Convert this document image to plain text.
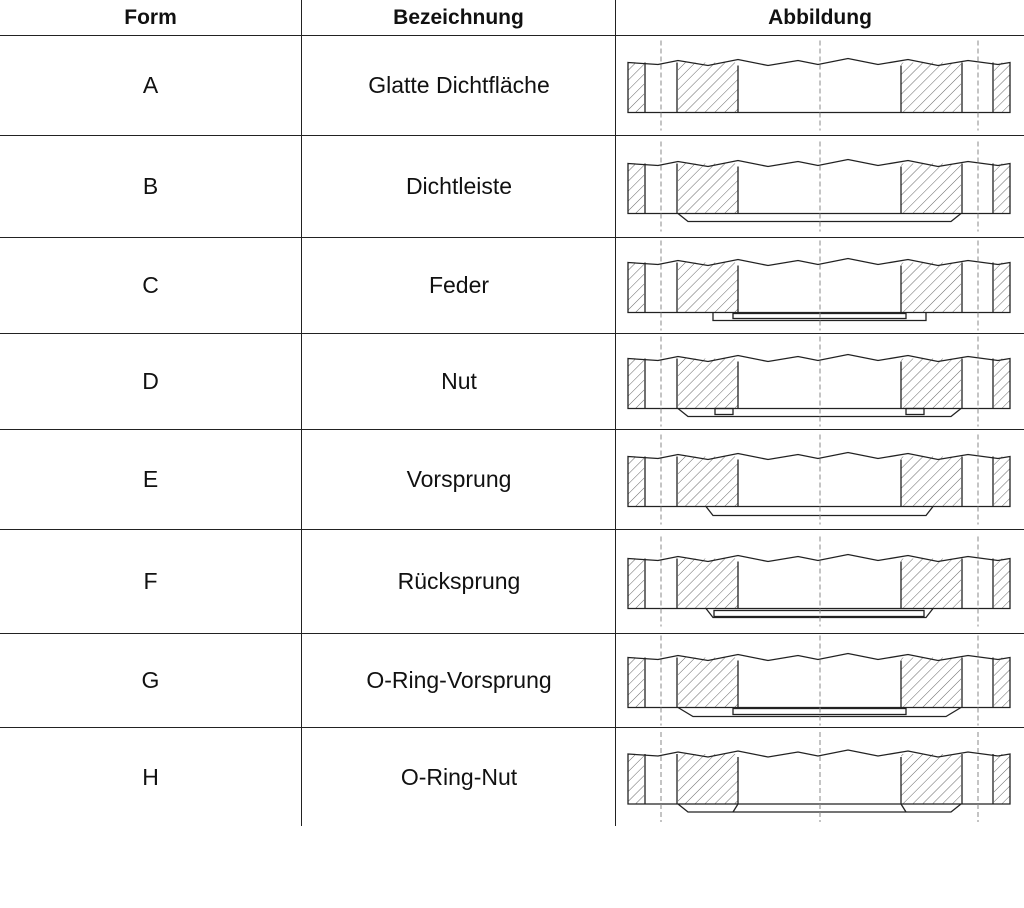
Form	Bezeichnung	Abbildung
A	Glatte Dichtfläche
B	Dichtleiste
C	Feder
D	Nut
E	Vorsprung
F	Rücksprung
G	O-Ring-Vorsprung
H	O-Ring-Nut
